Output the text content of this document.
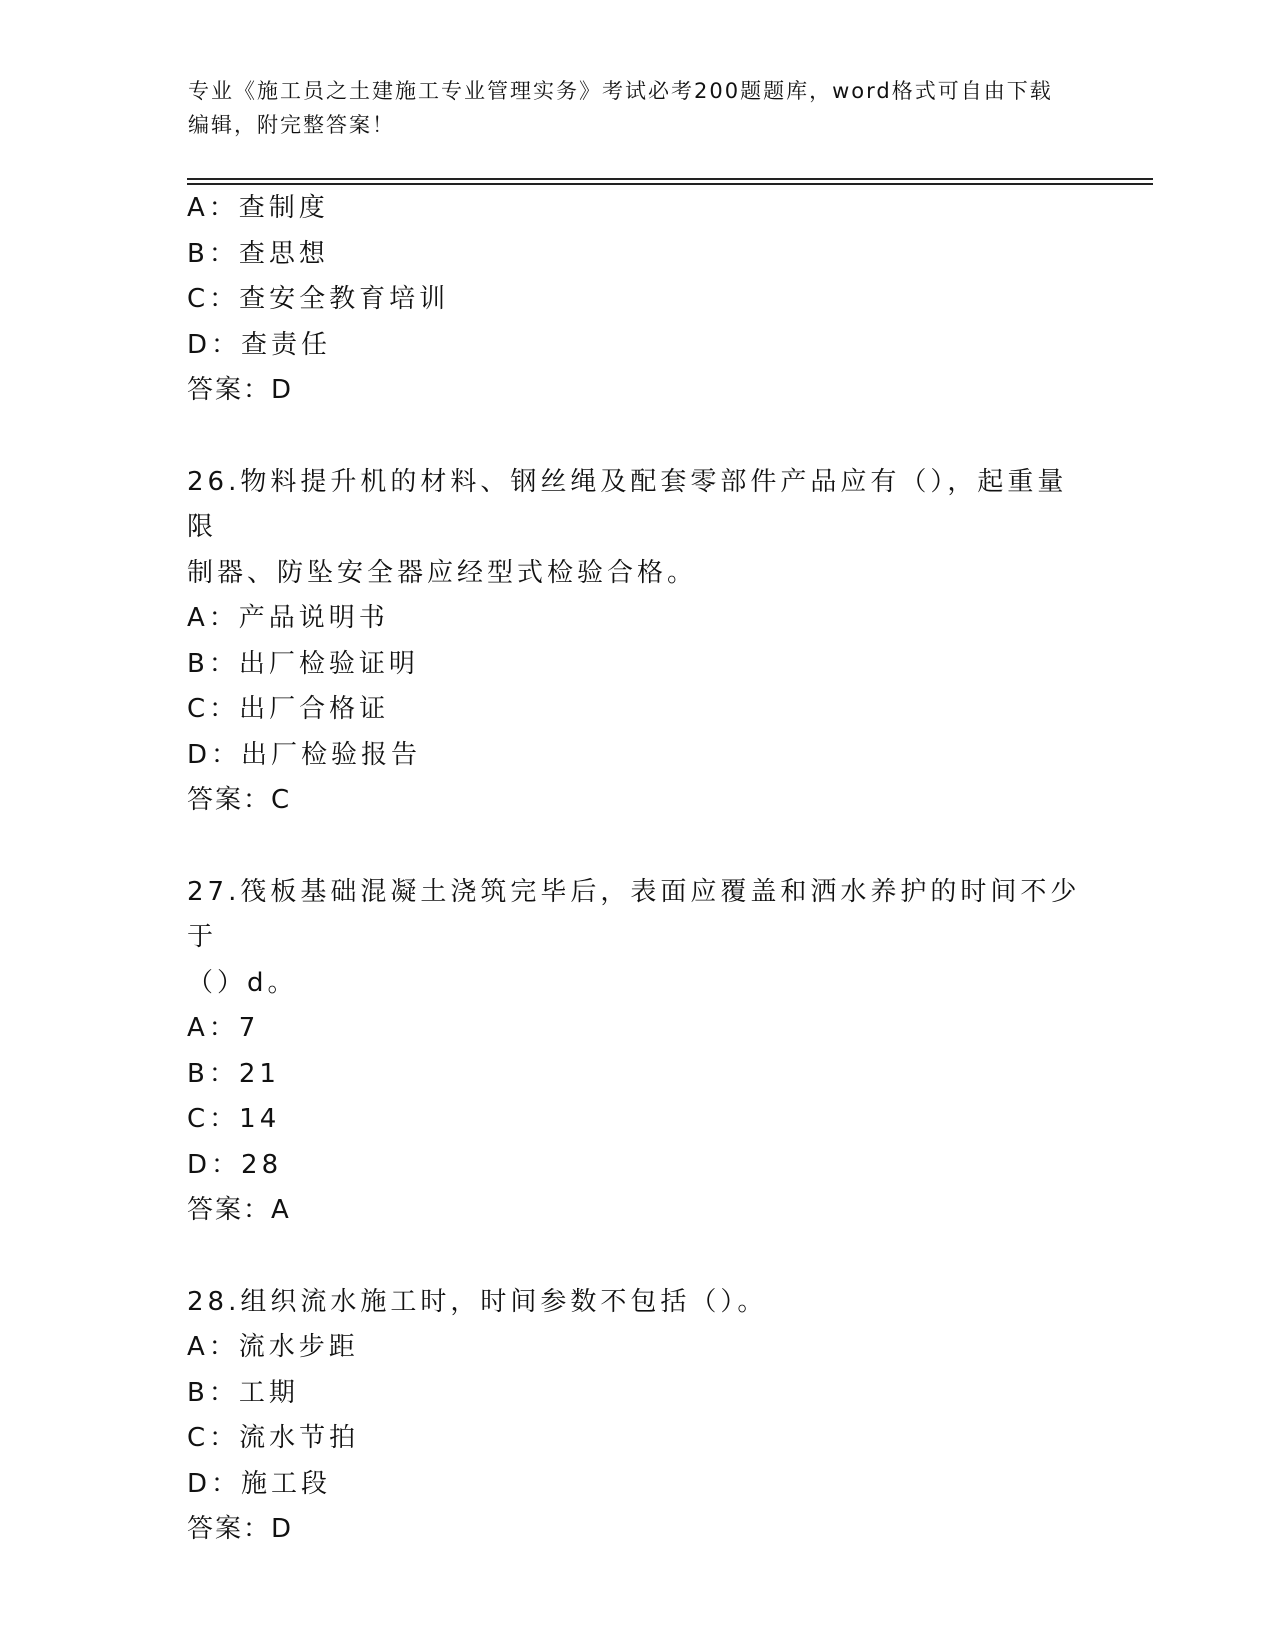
专业《施工员之土建施工专业管理实务》考试必考200题题库，word格式可自由下载编辑，附完整答案！
A：查制度
B：查思想
C：查安全教育培训
D：查责任
答案：D
26.物料提升机的材料、钢丝绳及配套零部件产品应有（），起重量限
制器、防坠安全器应经型式检验合格。
A：产品说明书
B：出厂检验证明
C：出厂合格证
D：出厂检验报告
答案：C
27.筏板基础混凝土浇筑完毕后，表面应覆盖和洒水养护的时间不少于
（）d。
A：7
B：21
C：14
D：28
答案：A
28.组织流水施工时，时间参数不包括（）。
A：流水步距
B：工期
C：流水节拍
D：施工段
答案：D
